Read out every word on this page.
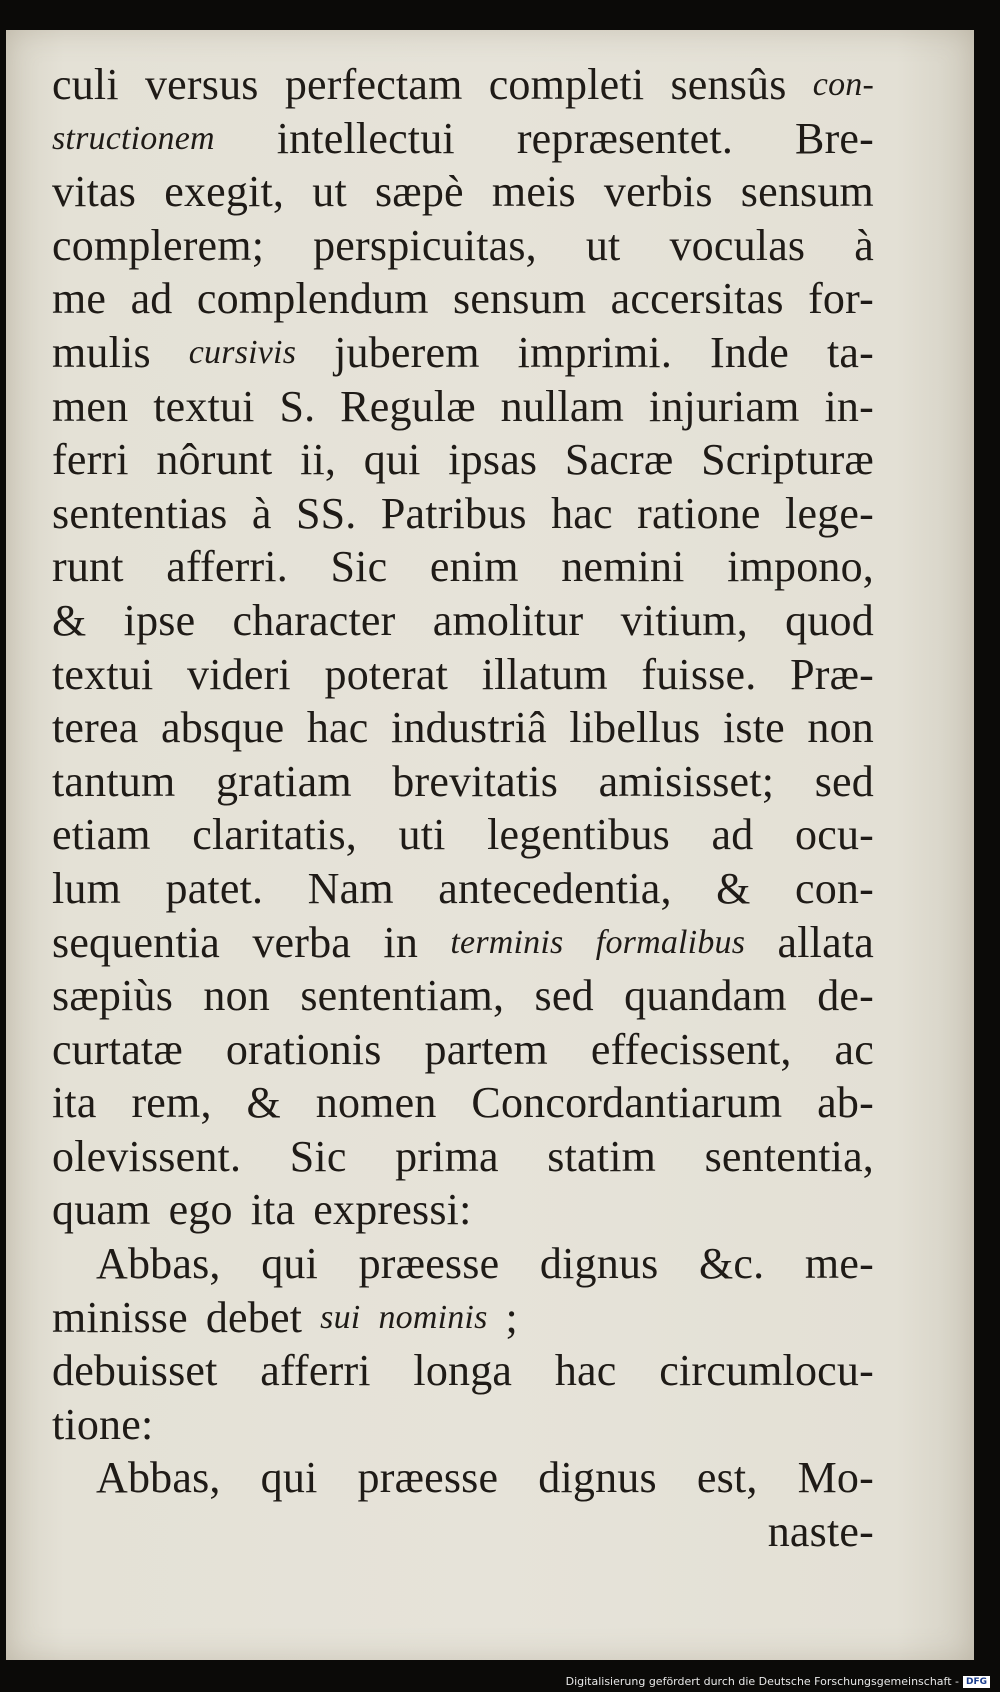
culi versus perfectam completi sensûs con-
structionem intellectui repræsentet. Bre-
vitas exegit, ut sæpè meis verbis sensum
complerem; perspicuitas, ut voculas à
me ad complendum sensum accersitas for-
mulis cursivis juberem imprimi. Inde ta-
men textui S. Regulæ nullam injuriam in-
ferri nôrunt ii, qui ipsas Sacræ Scripturæ
sententias à SS. Patribus hac ratione lege-
runt afferri. Sic enim nemini impono,
& ipse character amolitur vitium, quod
textui videri poterat illatum fuisse. Præ-
terea absque hac industriâ libellus iste non
tantum gratiam brevitatis amisisset; sed
etiam claritatis, uti legentibus ad ocu-
lum patet. Nam antecedentia, & con-
sequentia verba in terminis formalibus allata
sæpiùs non sententiam, sed quandam de-
curtatæ orationis partem effecissent, ac
ita rem, & nomen Concordantiarum ab-
olevissent. Sic prima statim sententia,
quam ego ita expressi:
Abbas, qui præesse dignus &c. me-
minisse debet sui nominis ;
debuisset afferri longa hac circumlocu-
tione:
Abbas, qui præesse dignus est, Mo-
naste-
Digitalisierung gefördert durch die Deutsche Forschungsgemeinschaft - DFG
